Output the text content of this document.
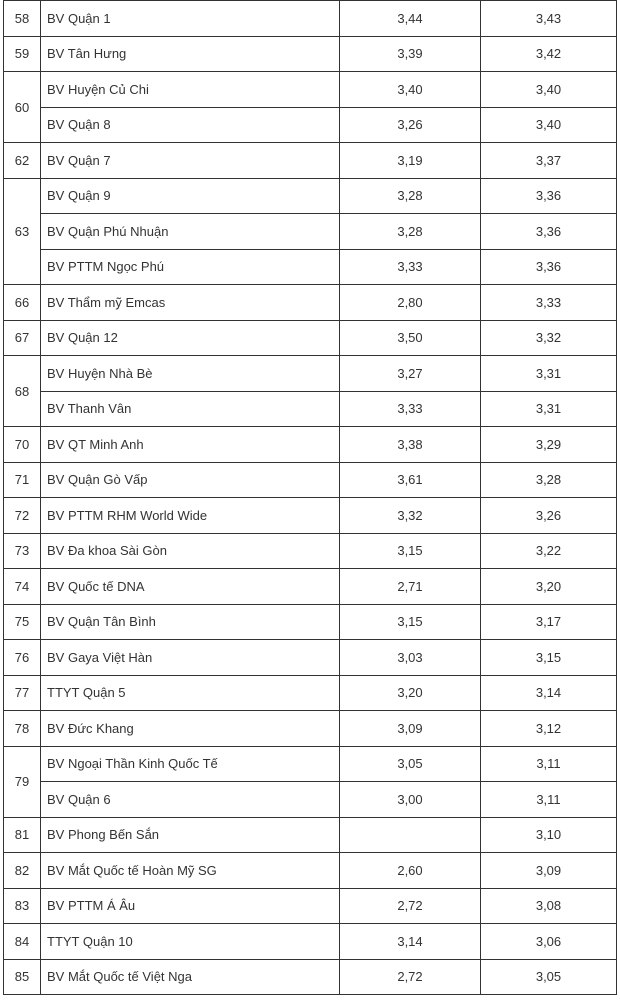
58	BV Quận 1	3,44	3,43
59	BV Tân Hưng	3,39	3,42
60	BV Huyện Củ Chi	3,40	3,40
	BV Quận 8	3,26	3,40
62	BV Quận 7	3,19	3,37
63	BV Quận 9	3,28	3,36
	BV Quận Phú Nhuận	3,28	3,36
	BV PTTM Ngọc Phú	3,33	3,36
66	BV Thẩm mỹ Emcas	2,80	3,33
67	BV Quận 12	3,50	3,32
68	BV Huyện Nhà Bè	3,27	3,31
	BV Thanh Vân	3,33	3,31
70	BV QT Minh Anh	3,38	3,29
71	BV Quận Gò Vấp	3,61	3,28
72	BV PTTM RHM World Wide	3,32	3,26
73	BV Đa khoa Sài Gòn	3,15	3,22
74	BV Quốc tế DNA	2,71	3,20
75	BV Quận Tân Bình	3,15	3,17
76	BV Gaya Việt Hàn	3,03	3,15
77	TTYT Quận 5	3,20	3,14
78	BV Đức Khang	3,09	3,12
79	BV Ngoại Thần Kinh Quốc Tế	3,05	3,11
	BV Quận 6	3,00	3,11
81	BV Phong Bến Sắn		3,10
82	BV Mắt Quốc tế Hoàn Mỹ SG	2,60	3,09
83	BV PTTM Á Âu	2,72	3,08
84	TTYT Quận 10	3,14	3,06
85	BV Mắt Quốc tế Việt Nga	2,72	3,05
